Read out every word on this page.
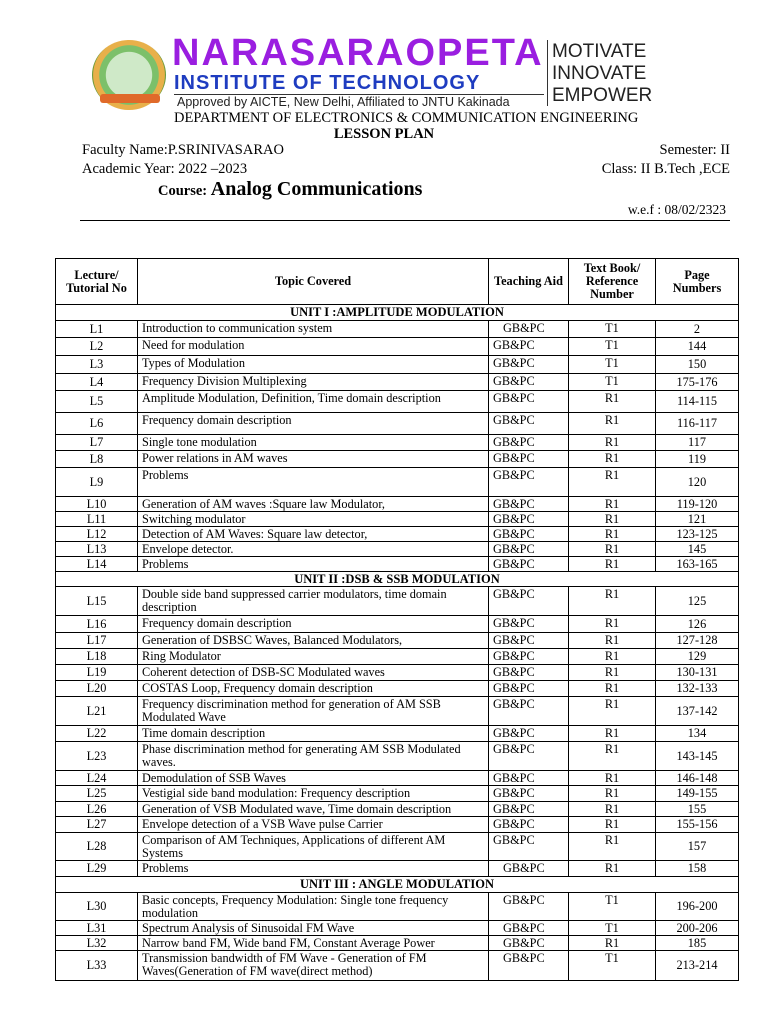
NARASARAOPETA
INSTITUTE OF TECHNOLOGY
Approved by AICTE, New Delhi, Affiliated to JNTU Kakinada
MOTIVATE
INNOVATE
EMPOWER
DEPARTMENT OF ELECTRONICS & COMMUNICATION ENGINEERING
LESSON PLAN
Faculty Name:P.SRINIVASARAO	Semester: II
Academic Year: 2022 –2023	Class: II B.Tech ,ECE
Course: Analog Communications
w.e.f : 08/02/2323
Lecture/ Tutorial No	Topic Covered	Teaching Aid	Text Book/ Reference Number	Page Numbers
UNIT I :AMPLITUDE MODULATION				
L1	Introduction to communication system	GB&PC	T1	2
L2	Need for modulation	GB&PC	T1	144
L3	Types of Modulation	GB&PC	T1	150
L4	Frequency Division Multiplexing	GB&PC	T1	175-176
L5	Amplitude Modulation, Definition, Time domain description	GB&PC	R1	114-115
L6	Frequency domain description	GB&PC	R1	116-117
L7	Single tone modulation	GB&PC	R1	117
L8	Power relations in AM waves	GB&PC	R1	119
L9	Problems	GB&PC	R1	120
L10	Generation of AM waves :Square law Modulator,	GB&PC	R1	119-120
L11	Switching modulator	GB&PC	R1	121
L12	Detection of AM Waves: Square law detector,	GB&PC	R1	123-125
L13	Envelope detector.	GB&PC	R1	145
L14	Problems	GB&PC	R1	163-165
UNIT II :DSB & SSB MODULATION				
L15	Double side band suppressed carrier modulators, time domain description	GB&PC	R1	125
L16	Frequency domain description	GB&PC	R1	126
L17	Generation of DSBSC Waves, Balanced Modulators,	GB&PC	R1	127-128
L18	Ring Modulator	GB&PC	R1	129
L19	Coherent detection of DSB-SC Modulated waves	GB&PC	R1	130-131
L20	COSTAS Loop, Frequency domain description	GB&PC	R1	132-133
L21	Frequency discrimination method for generation of AM SSB Modulated Wave	GB&PC	R1	137-142
L22	Time domain description	GB&PC	R1	134
L23	Phase discrimination method for generating AM SSB Modulated waves.	GB&PC	R1	143-145
L24	Demodulation of SSB Waves	GB&PC	R1	146-148
L25	Vestigial side band modulation: Frequency description	GB&PC	R1	149-155
L26	Generation of VSB Modulated wave, Time domain description	GB&PC	R1	155
L27	Envelope detection of a VSB Wave pulse Carrier	GB&PC	R1	155-156
L28	Comparison of AM Techniques, Applications of different AM Systems	GB&PC	R1	157
L29	Problems	GB&PC	R1	158
UNIT III : ANGLE MODULATION				
L30	Basic concepts, Frequency Modulation: Single tone frequency modulation	GB&PC	T1	196-200
L31	Spectrum Analysis of Sinusoidal FM Wave	GB&PC	T1	200-206
L32	Narrow band FM, Wide band FM, Constant Average Power	GB&PC	R1	185
L33	Transmission bandwidth of FM Wave - Generation of FM Waves(Generation of FM wave(direct method)	GB&PC	T1	213-214
